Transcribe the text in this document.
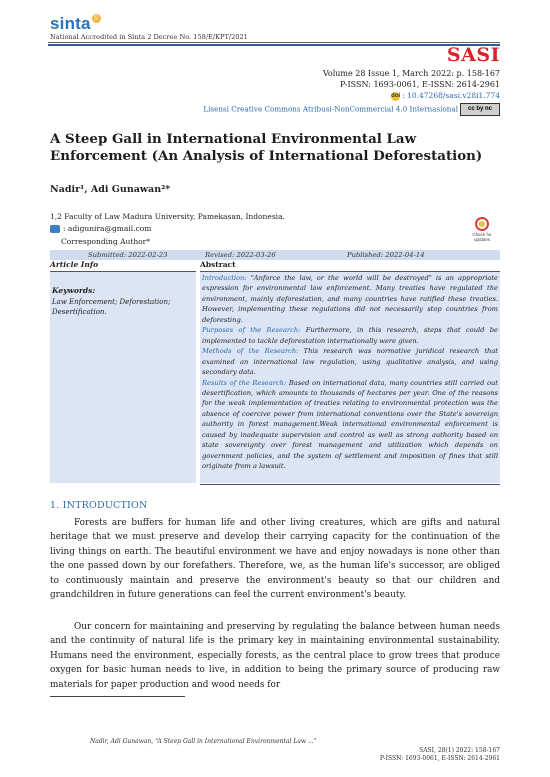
sinta S
National Accredited in Sinta 2 Decree No. 158/E/KPT/2021
SASI
Volume 28 Issue 1, March 2022: p. 158-167
P-ISSN: 1693-0061, E-ISSN: 2614-2961
doi : 10.47268/sasi.v28i1.774
Lisensi Creative Commons Atribusi-NonCommercial 4.0 Internasional cc by nc
A Steep Gall in International Environmental Law Enforcement (An Analysis of International Deforestation)
Nadir¹, Adi Gunawan²*
1,2 Faculty of Law Madura University, Pamekasan, Indonesia.
: adigunira@gmail.com
Corresponding Author*
Check for updates
Submitted: 2022-02-23	Revised: 2022-03-26	Published: 2022-04-14
Article Info	Abstract
Keywords:
Law Enforcement; Deforestation; Desertification.
Introduction: "Anforce the law, or the world will be destroyed" is an appropriate expression for environmental law enforcement. Many treaties have regulated the environment, mainly deforestation, and many countries have ratified these treaties. However, implementing these regulations did not necessarily stop countries from deforesting.
Purposes of the Research: Furthermore, in this research, steps that could be implemented to tackle deforestation internationally were given.
Methods of the Research: This research was normative juridical research that examined an international law regulation, using qualitative analysis, and using secondary data.
Results of the Research: Based on international data, many countries still carried out desertification, which amounts to thousands of hectares per year. One of the reasons for the weak implementation of treaties relating to environmental protection was the absence of coercive power from international conventions over the State's sovereign authority in forest management.Weak international environmental enforcement is caused by inadequate supervision and control as well as strong authority based on state sovereignty over forest management and utilization which depends on government policies, and the system of settlement and imposition of fines that still originate from a lawsuit.
1. INTRODUCTION
Forests are buffers for human life and other living creatures, which are gifts and natural heritage that we must preserve and develop their carrying capacity for the continuation of the living things on earth. The beautiful environment we have and enjoy nowadays is none other than the one passed down by our forefathers. Therefore, we, as the human life's successor, are obliged to continuously maintain and preserve the environment's beauty so that our children and grandchildren in future generations can feel the current environment's beauty.
Our concern for maintaining and preserving by regulating the balance between human needs and the continuity of natural life is the primary key in maintaining environmental sustainability. Humans need the environment, especially forests, as the central place to grow trees that produce oxygen for basic human needs to live, in addition to being the primary source of producing raw materials for paper production and wood needs for
Nadir, Adi Gunawan, “A Steep Gall in International Environmental Law ...”
SASI, 28(1) 2022: 158-167
P-ISSN: 1693-0061, E-ISSN: 2614-2961
